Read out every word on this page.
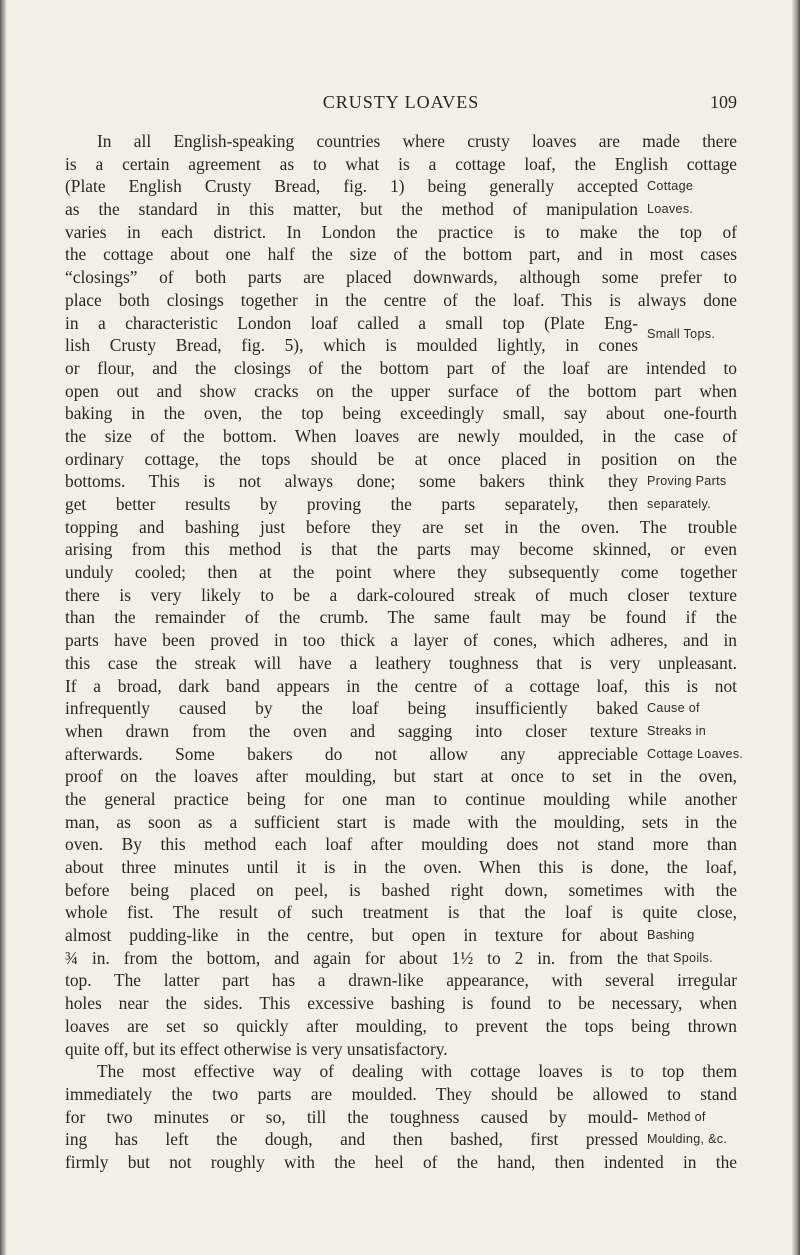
CRUSTY LOAVES	109
In all English-speaking countries where crusty loaves are made there
is a certain agreement as to what is a cottage loaf, the English cottage
(Plate English Crusty Bread, fig. 1) being generally accepted Cottage
as the standard in this matter, but the method of manipulation Loaves.
varies in each district. In London the practice is to make the top of
the cottage about one half the size of the bottom part, and in most cases
“closings” of both parts are placed downwards, although some prefer to
place both closings together in the centre of the loaf. This is always done
in a characteristic London loaf called a small top (Plate Eng-
lish Crusty Bread, fig. 5), which is moulded lightly, in cones
Small Tops.
or flour, and the closings of the bottom part of the loaf are intended to
open out and show cracks on the upper surface of the bottom part when
baking in the oven, the top being exceedingly small, say about one-fourth
the size of the bottom. When loaves are newly moulded, in the case of
ordinary cottage, the tops should be at once placed in position on the
bottoms. This is not always done; some bakers think they Proving Parts
get better results by proving the parts separately, then separately.
topping and bashing just before they are set in the oven. The trouble
arising from this method is that the parts may become skinned, or even
unduly cooled; then at the point where they subsequently come together
there is very likely to be a dark-coloured streak of much closer texture
than the remainder of the crumb. The same fault may be found if the
parts have been proved in too thick a layer of cones, which adheres, and in
this case the streak will have a leathery toughness that is very unpleasant.
If a broad, dark band appears in the centre of a cottage loaf, this is not
infrequently caused by the loaf being insufficiently baked Cause of
when drawn from the oven and sagging into closer texture Streaks in
afterwards. Some bakers do not allow any appreciable Cottage Loaves.
proof on the loaves after moulding, but start at once to set in the oven,
the general practice being for one man to continue moulding while another
man, as soon as a sufficient start is made with the moulding, sets in the
oven. By this method each loaf after moulding does not stand more than
about three minutes until it is in the oven. When this is done, the loaf,
before being placed on peel, is bashed right down, sometimes with the
whole fist. The result of such treatment is that the loaf is quite close,
almost pudding-like in the centre, but open in texture for about Bashing
¾ in. from the bottom, and again for about 1½ to 2 in. from the that Spoils.
top. The latter part has a drawn-like appearance, with several irregular
holes near the sides. This excessive bashing is found to be necessary, when
loaves are set so quickly after moulding, to prevent the tops being thrown
quite off, but its effect otherwise is very unsatisfactory.
The most effective way of dealing with cottage loaves is to top them
immediately the two parts are moulded. They should be allowed to stand
for two minutes or so, till the toughness caused by mould- Method of
ing has left the dough, and then bashed, first pressed Moulding, &c.
firmly but not roughly with the heel of the hand, then indented in the
